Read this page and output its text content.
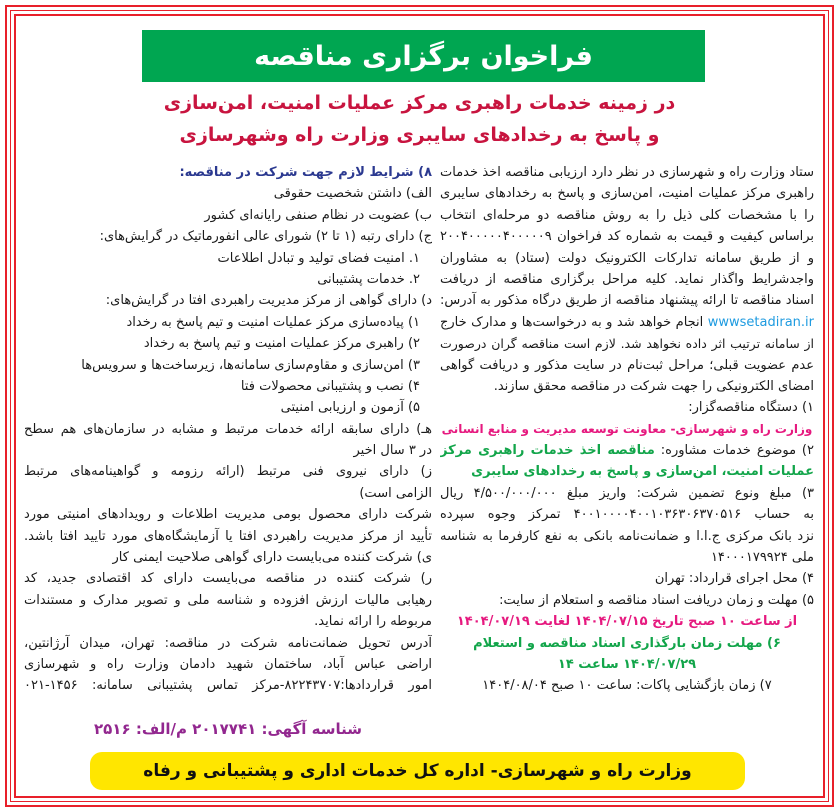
فراخوان برگزاری مناقصه
در زمینه خدمات راهبری مرکز عملیات امنیت، امن‌سازی
و پاسخ به رخدادهای سایبری وزارت راه وشهرسازی
ستاد وزارت راه و شهرسازی در نظر دارد ارزیابی مناقصه اخذ خدمات
راهبری مرکز عملیات امنیت، امن‌سازی و پاسخ به رخدادهای سایبری
را با مشخصات کلی ذیل را به روش مناقصه دو مرحله‌ای انتخاب
براساس کیفیت و قیمت به شماره کد فراخوان ۲۰۰۴۰۰۰۰۰۴۰۰۰۰۰۹
و از طریق سامانه تدارکات الکترونیک دولت (ستاد) به مشاوران
واجدشرایط واگذار نماید. کلیه مراحل برگزاری مناقصه از دریافت
اسناد مناقصه تا ارائه پیشنهاد مناقصه از طریق درگاه مذکور به آدرس:
wwwsetadiran.ir انجام خواهد شد و به درخواست‌ها و مدارک خارج
از سامانه ترتیب اثر داده نخواهد شد. لازم است مناقصه گران درصورت
عدم عضویت قبلی؛ مراحل ثبت‌نام در سایت مذکور و دریافت گواهی
امضای الکترونیکی را جهت شرکت در مناقصه محقق سازند.
۱) دستگاه مناقصه‌گزار:
وزارت راه و شهرسازی- معاونت توسعه مدیریت و منابع انسانی
۲) موضوع خدمات مشاوره: مناقصه اخذ خدمات راهبری مرکز
عملیات امنیت، امن‌سازی و پاسخ به رخدادهای سایبری
۳) مبلغ ونوع تضمین شرکت: واریز مبلغ ۴/۵۰۰/۰۰۰/۰۰۰ ریال
به حساب ۴۰۰۱۰۰۰۰۴۰۰۱۰۳۶۳۰۶۳۷۰۵۱۶ تمرکز وجوه سپرده
نزد بانک مرکزی ج.ا.ا و ضمانت‌نامه بانکی به نفع کارفرما به شناسه
ملی ۱۴۰۰۰۱۷۹۹۲۴
۴) محل اجرای قرارداد: تهران
۵) مهلت و زمان دریافت اسناد مناقصه و استعلام از سایت:
از ساعت ۱۰ صبح تاریخ ۱۴۰۴/۰۷/۱۵ لغایت ۱۴۰۴/۰۷/۱۹
۶) مهلت زمان بارگذاری اسناد مناقصه و استعلام
۱۴۰۴/۰۷/۲۹ ساعت ۱۴
۷) زمان بازگشایی پاکات: ساعت ۱۰ صبح ۱۴۰۴/۰۸/۰۴
۸) شرایط لازم جهت شرکت در مناقصه:
الف) داشتن شخصیت حقوقی
ب) عضویت در نظام صنفی رایانه‌ای کشور
ج) دارای رتبه (۱ تا ۲) شورای عالی انفورماتیک در گرایش‌های:
۱. امنیت فضای تولید و تبادل اطلاعات
۲. خدمات پشتیبانی
د) دارای گواهی از مرکز مدیریت راهبردی افتا در گرایش‌های:
۱) پیاده‌سازی مرکز عملیات امنیت و تیم پاسخ به رخداد
۲) راهبری مرکز عملیات امنیت و تیم پاسخ به رخداد
۳) امن‌سازی و مقاوم‌سازی سامانه‌ها، زیرساخت‌ها و سرویس‌ها
۴) نصب و پشتیبانی محصولات فتا
۵) آزمون و ارزیابی امنیتی
هـ) دارای سابقه ارائه خدمات مرتبط و مشابه در سازمان‌های هم سطح
در ۳ سال اخیر
ز) دارای نیروی فنی مرتبط (ارائه رزومه و گواهینامه‌های مرتبط
الزامی است)
شرکت دارای محصول بومی مدیریت اطلاعات و رویدادهای امنیتی مورد
تأیید از مرکز مدیریت راهبردی افتا یا آزمایشگاه‌های مورد تایید افتا باشد.
ی) شرکت کننده می‌بایست دارای گواهی صلاحیت ایمنی کار
ر) شرکت کننده در مناقصه می‌بایست دارای کد اقتصادی جدید، کد
رهیابی مالیات ارزش افزوده و شناسه ملی و تصویر مدارک و مستندات
مربوطه را ارائه نماید.
آدرس تحویل ضمانت‌نامه شرکت در مناقصه: تهران، میدان آرژانتین،
اراضی عباس آباد، ساختمان شهید دادمان وزارت راه و شهرسازی
امور قراردادها:۸۲۲۴۳۷۰۷-مرکز تماس پشتیبانی سامانه: ۱۴۵۶-۰۲۱
شناسه آگهی: ۲۰۱۷۷۴۱ م/الف: ۲۵۱۶
وزارت راه و شهرسازی- اداره کل خدمات اداری و پشتیبانی و رفاه
